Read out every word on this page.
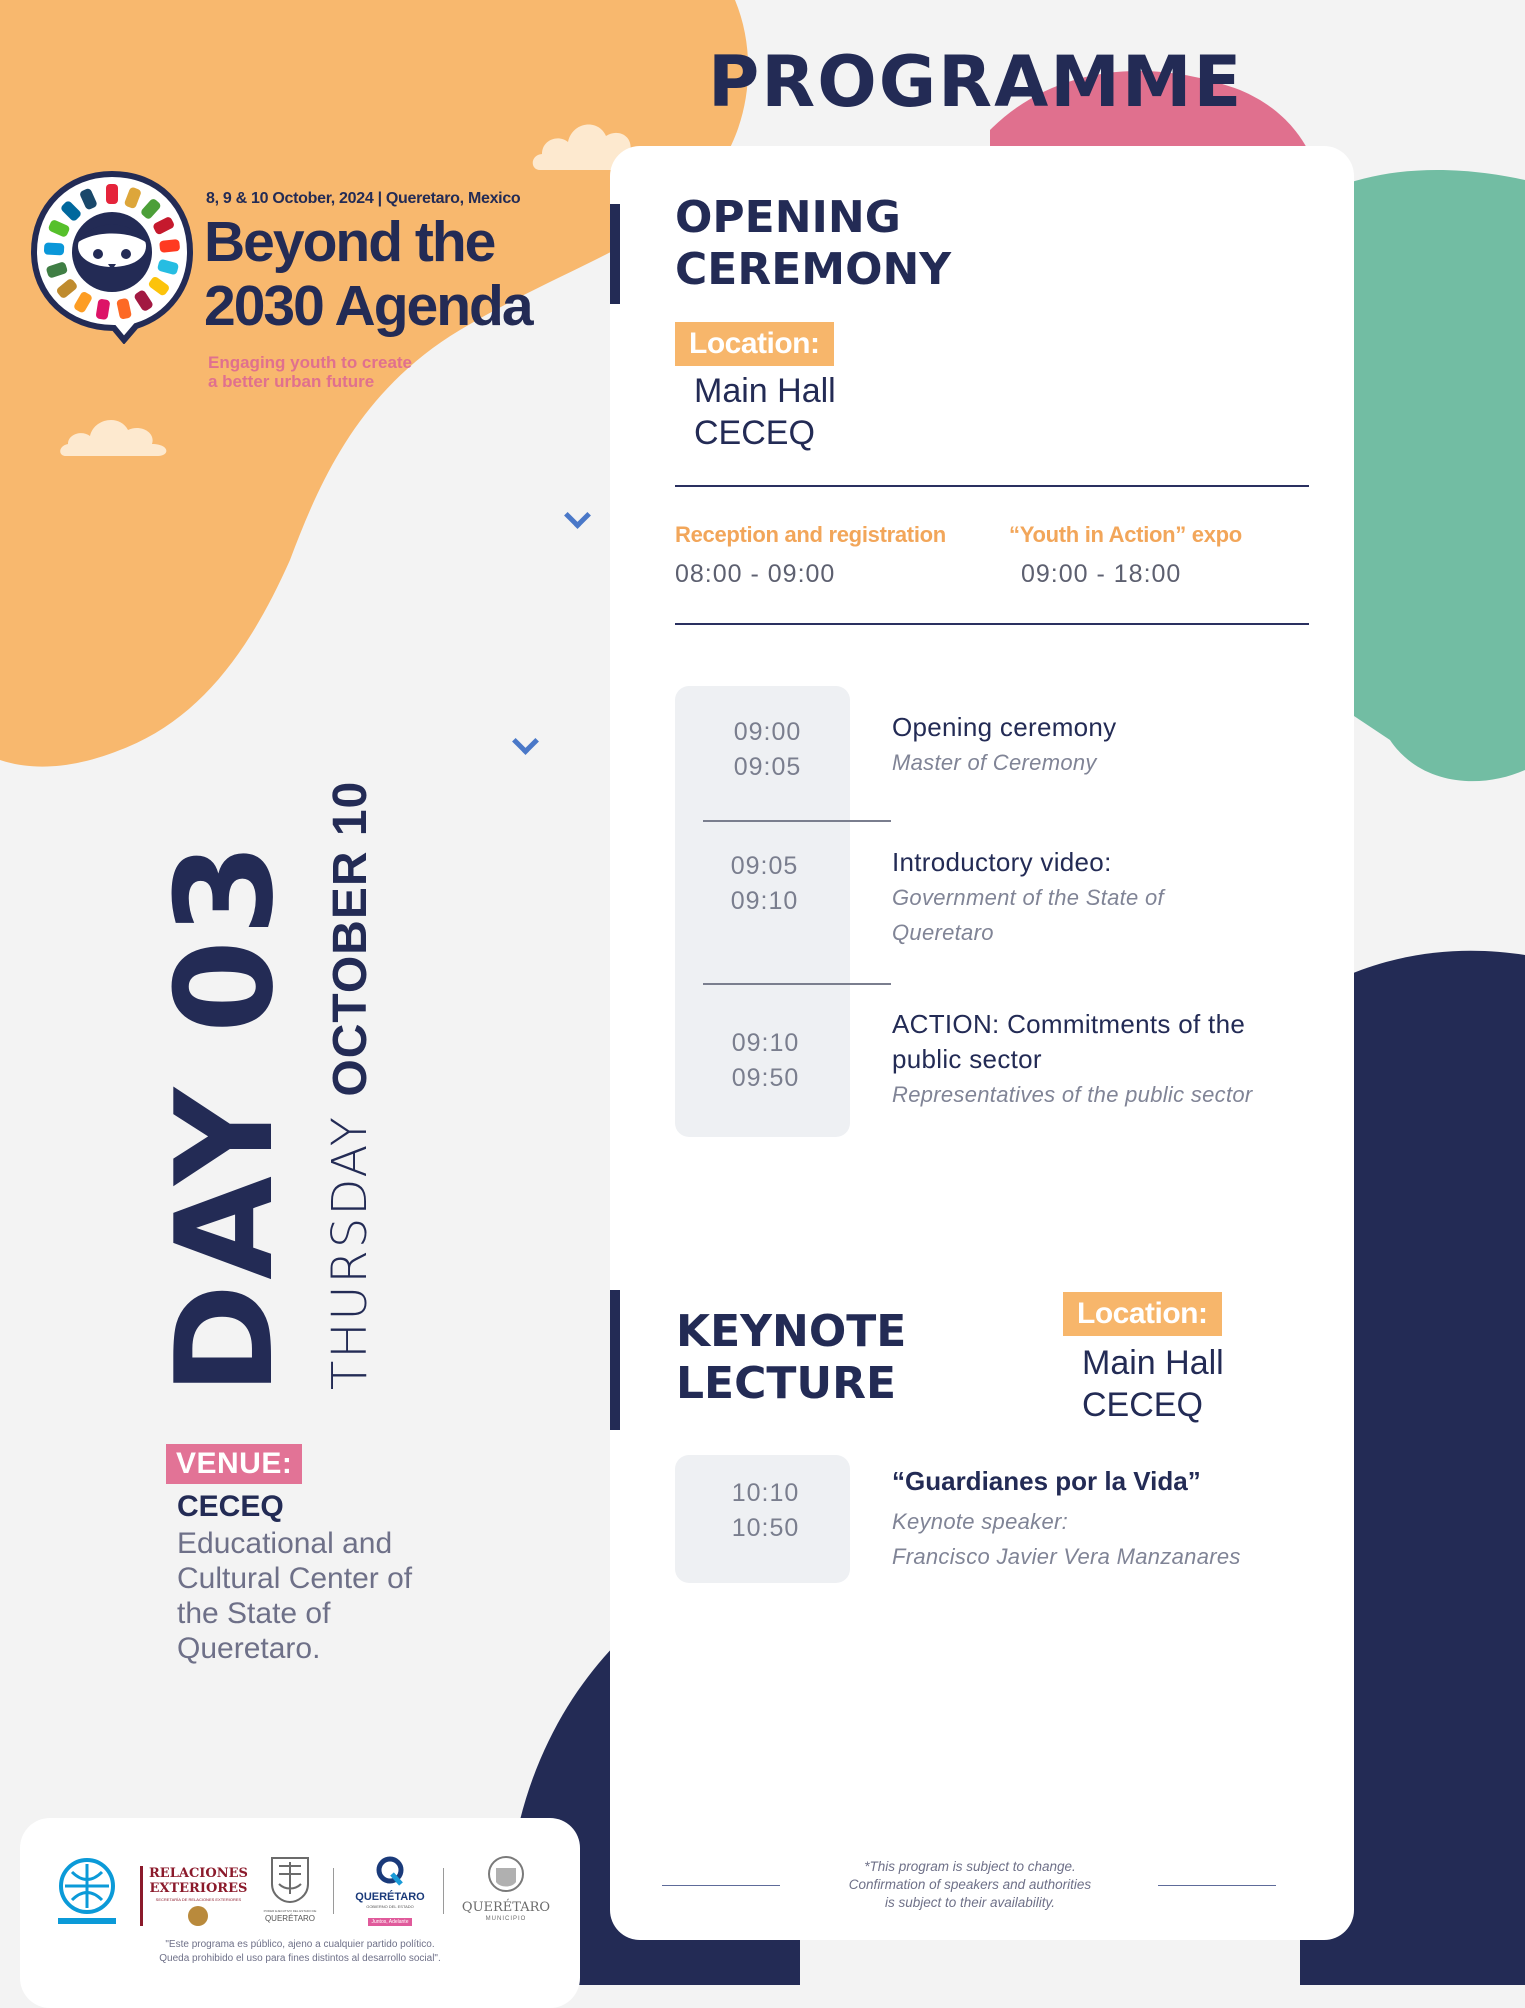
PROGRAMME
8, 9 & 10 October, 2024 | Queretaro, Mexico
Beyond the
2030 Agenda
Engaging youth to create
a better urban future
DAY 03 THURSDAY OCTOBER 10
VENUE:
CECEQ
Educational and
Cultural Center of
the State of
Queretaro.
RELACIONES
EXTERIORES
SECRETARÍA DE RELACIONES EXTERIORES
PODER EJECUTIVO DEL ESTADO DE
QUERÉTARO
QUERÉTARO
GOBIERNO DEL ESTADO
Juntos, Adelante
QUERÉTARO
MUNICIPIO
"Este programa es público, ajeno a cualquier partido político.
Queda prohibido el uso para fines distintos al desarrollo social".
OPENING
CEREMONY
Location:
Main Hall
CECEQ
Reception and registration
08:00 - 09:00
“Youth in Action” expo
09:00 - 18:00
09:00
09:05
Opening ceremony
Master of Ceremony
09:05
09:10
Introductory video:
Government of the State of
Queretaro
09:10
09:50
ACTION: Commitments of the
public sector
Representatives of the public sector
KEYNOTE
LECTURE
Location:
Main Hall
CECEQ
10:10
10:50
“Guardianes por la Vida”
Keynote speaker:
Francisco Javier Vera Manzanares
*This program is subject to change.
Confirmation of speakers and authorities
is subject to their availability.
